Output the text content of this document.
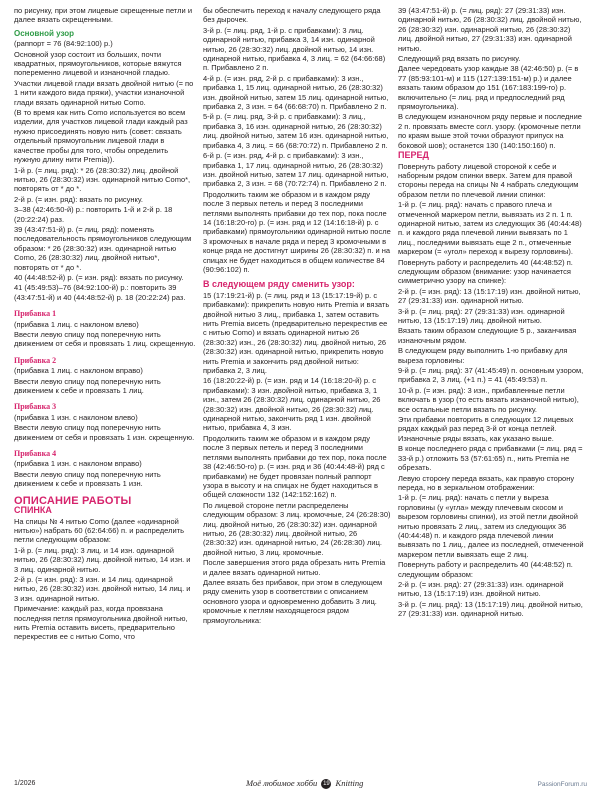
по рисунку, при этом лицевые скрещенные петли и далее вязать скрещенными.

Основной узор

(раппорт = 76 (84:92:100) р.)

Основной узор состоит из больших, почти квадратных, прямоугольников, которые вяжутся попеременно лицевой и изнаночной гладью.

Участки лицевой глади вязать двойной нитью (= по 1 нити каждого вида пряжи), участки изнаночной глади вязать одинарной нитью Como.

(В то время как нить Como используется во всем изделии, для участков лицевой глади каждый раз нужно присоединять новую нить (совет: связать отдельный прямоугольник лицевой глади в качестве пробы для того, чтобы определить нужную длину нити Premia)).

1-й р. (= лиц. ряд): * 26 (28:30:32) лиц. двойной нитью, 26 (28:30:32) изн. одинарной нитью Como*, повторять от * до *.

2-й р. (= изн. ряд): вязать по рисунку.

3–38 (42:46:50-й) р.: повторить 1-й и 2-й р. 18 (20:22:24) раз.

39 (43:47:51-й) р. (= лиц. ряд): поменять последовательность прямоугольников следующим образом: * 26 (28:30:32) изн. одинарной нитью Como, 26 (28:30:32) лиц. двойной нитью*, повторять от * до *.

40 (44:48:52-й) р. (= изн. ряд): вязать по рисунку.

41 (45:49:53)–76 (84:92:100-й) р.: повторить 39 (43:47:51-й) и 40 (44:48:52-й) р. 18 (20:22:24) раз.

Прибавка 1

(прибавка 1 лиц. с наклоном влево)

Ввести левую спицу под поперечную нить движением от себя и провязать 1 лиц. скрещенную.

Прибавка 2

(прибавка 1 лиц. с наклоном вправо)

Ввести левую спицу под поперечную нить движением к себе и провязать 1 лиц.

Прибавка 3

(прибавка 1 изн. с наклоном влево)

Ввести левую спицу под поперечную нить движением от себя и провязать 1 изн. скрещенную.

Прибавка 4

(прибавка 1 изн. с наклоном вправо)

Ввести левую спицу под поперечную нить движением к себе и провязать 1 изн.

ОПИСАНИЕ РАБОТЫ
СПИНКА

На спицы № 4 нитью Como (далее «одинарной нитью») набрать 60 (62:64:66) п. и распределить петли следующим образом:

1-й р. (= лиц. ряд): 3 лиц. и 14 изн. одинарной нитью, 26 (28:30:32) лиц. двойной нитью, 14 изн. и 3 лиц. одинарной нитью.

2-й р. (= изн. ряд): 3 изн. и 14 лиц. одинарной нитью, 26 (28:30:32) изн. двойной нитью, 14 лиц. и 3 изн. одинарной нитью.

Примечание: каждый раз, когда провязана последняя петля прямоугольника двойной нитью, нить Premia оставить висеть, предварительно перекрестив ее с нитью Como, что

бы обеспечить переход к началу следующего ряда без дырочек.

3-й р. (= лиц. ряд, 1-й р. с прибавками): 3 лиц. одинарной нитью, прибавка 3, 14 изн. одинарной нитью, 26 (28:30:32) лиц. двойной нитью, 14 изн. одинарной нитью, прибавка 4, 3 лиц. = 62 (64:66:68) п. Прибавлено 2 п.

4-й р. (= изн. ряд, 2-й р. с прибавками): 3 изн., прибавка 1, 15 лиц. одинарной нитью, 26 (28:30:32) изн. двойной нитью, затем 15 лиц. одинарной нитью, прибавка 2, 3 изн. = 64 (66:68:70) п. Прибавлено 2 п.

5-й р. (= лиц. ряд, 3-й р. с прибавками): 3 лиц., прибавка 3, 16 изн. одинарной нитью, 26 (28:30:32) лиц. двойной нитью, затем 16 изн. одинарной нитью, прибавка 4, 3 лиц. = 66 (68:70:72) п. Прибавлено 2 п.

6-й р. (= изн. ряд, 4-й р. с прибавками): 3 изн., прибавка 1, 17 лиц. одинарной нитью, 26 (28:30:32) изн. двойной нитью, затем 17 лиц. одинарной нитью, прибавка 2, 3 изн. = 68 (70:72:74) п. Прибавлено 2 п.

Продолжить таким же образом и в каждом ряду после 3 первых петель и перед 3 последними петлями выполнять прибавки до тех пор, пока после 14 (16:18:20-го) р. (= изн. ряд и 12 (14:16:18-й) р. с прибавками) прямоугольники одинарной нитью после 3 кромочных в начале ряда и перед 3 кромочными в конце ряда не достигнут ширины 26 (28:30:32) п. и на спицах не будет находиться в общем количестве 84 (90:96:102) п.

В следующем ряду сменить узор:

15 (17:19:21-й) р. (= лиц. ряд и 13 (15:17:19-й) р. с прибавками): прикрепить новую нить Premia и вязать двойной нитью 3 лиц., прибавка 1, затем оставить нить Premia висеть (предварительно перекрестив ее с нитью Como) и вязать одинарной нитью 26 (28:30:32) изн., 26 (28:30:32) лиц. двойной нитью, 26 (28:30:32) изн. одинарной нитью, прикрепить новую нить Premia и закончить ряд двойной нитью: прибавка 2, 3 лиц.

16 (18:20:22-й) р. (= изн. ряд и 14 (16:18:20-й) р. с прибавками): 3 изн. двойной нитью, прибавка 3, 1 изн., затем 26 (28:30:32) лиц. одинарной нитью, 26 (28:30:32) изн. двойной нитью, 26 (28:30:32) лиц. одинарной нитью, закончить ряд 1 изн. двойной нитью, прибавка 4, 3 изн.

Продолжить таким же образом и в каждом ряду после 3 первых петель и перед 3 последними петлями выполнять прибавки до тех пор, пока после 38 (42:46:50-го) р. (= изн. ряд и 36 (40:44:48-й) ряд с прибавками) не будет провязан полный раппорт узора в высоту и на спицах не будет находиться в общей сложности 132 (142:152:162) п.

По лицевой стороне петли распределены следующим образом: 3 лиц. кромочные, 24 (26:28:30) лиц. двойной нитью, 26 (28:30:32) изн. одинарной нитью, 26 (28:30:32) лиц. двойной нитью, 26 (28:30:32) изн. одинарной нитью, 24 (26:28:30) лиц. двойной нитью, 3 лиц. кромочные.

После завершения этого ряда обрезать нить Premia и далее вязать одинарной нитью.

Далее вязать без прибавок, при этом в следующем ряду сменить узор в соответствии с описанием основного узора и одновременно добавить 3 лиц. кромочные к петлям находящегося рядом прямоугольника:

39 (43:47:51-й) р. (= лиц. ряд): 27 (29:31:33) изн. одинарной нитью, 26 (28:30:32) лиц. двойной нитью, 26 (28:30:32) изн. одинарной нитью, 26 (28:30:32) лиц. двойной нитью, 27 (29:31:33) изн. одинарной нитью.

Следующий ряд вязать по рисунку.

Далее чередовать узор каждые 38 (42:46:50) р. (= в 77 (85:93:101-м) и 115 (127:139:151-м) р.) и далее вязать таким образом до 151 (167:183:199-го) р. включительно (= лиц. ряд и предпоследний ряд прямоугольника).

В следующем изнаночном ряду первые и последние 2 п. провязать вместе согл. узору. (кромочные петли по краям выше этой точки образуют припуск на боковой шов); останется 130 (140:150:160) п.

ПЕРЕД

Повернуть работу лицевой стороной к себе и наборным рядом спинки вверх. Затем для правой стороны переда на спицы № 4 набрать следующим образом петли по плечевой линии спинки:

1-й р. (= лиц. ряд): начать с правого плеча и отмеченной маркером петли, вывязать из 2 п. 1 п. одинарной нитью, затем из следующих 36 (40:44:48) п. и каждого ряда плечевой линии вывязать по 1 лиц., последними вывязать еще 2 п., отмеченные маркером (= «угол» переход к вырезу горловины).

Повернуть работу и распределить 40 (44:48:52) п. следующим образом (внимание: узор начинается симметрично узору на спинке):

2-й р. (= изн. ряд): 13 (15:17:19) изн. двойной нитью, 27 (29:31:33) изн. одинарной нитью.

3-й р. (= лиц. ряд): 27 (29:31:33) изн. одинарной нитью, 13 (15:17:19) лиц. двойной нитью.

Вязать таким образом следующие 5 р., заканчивая изнаночным рядом.

В следующем ряду выполнить 1-ю прибавку для выреза горловины:

9-й р. (= лиц. ряд): 37 (41:45:49) п. основным узором, прибавка 2, 3 лиц. (+1 п.) = 41 (45:49:53) п.

10-й р. (= изн. ряд): 3 изн., прибавленные петли включать в узор (то есть вязать изнаночной нитью), все остальные петли вязать по рисунку.

Эти прибавки повторить в следующих 12 лицевых рядах каждый раз перед 3-й от конца петлей. Изнаночные ряды вязать, как указано выше.

В конце последнего ряда с прибавками (= лиц. ряд = 33-й р.) отложить 53 (57:61:65) п., нить Premia не обрезать.

Левую сторону переда вязать, как правую сторону переда, но в зеркальном отображении:

1-й р. (= лиц. ряд): начать с петли у выреза горловины (у «угла» между плечевым скосом и вырезом горловины спинки), из этой петли двойной нитью провязать 2 лиц., затем из следующих 36 (40:44:48) п. и каждого ряда плечевой линии вывязать по 1 лиц., далее из последней, отмеченной маркером петли вывязать еще 2 лиц.

Повернуть работу и распределить 40 (44:48:52) п. следующим образом:

2-й р. (= изн. ряд): 27 (29:31:33) изн. одинарной нитью, 13 (15:17:19) изн. двойной нитью.

3-й р. (= лиц. ряд): 13 (15:17:19) лиц. двойной нитью, 27 (29:31:33) изн. одинарной нитью.

1/2026	Моё любимое хобби 19 Knitting	PassionForum.ru
